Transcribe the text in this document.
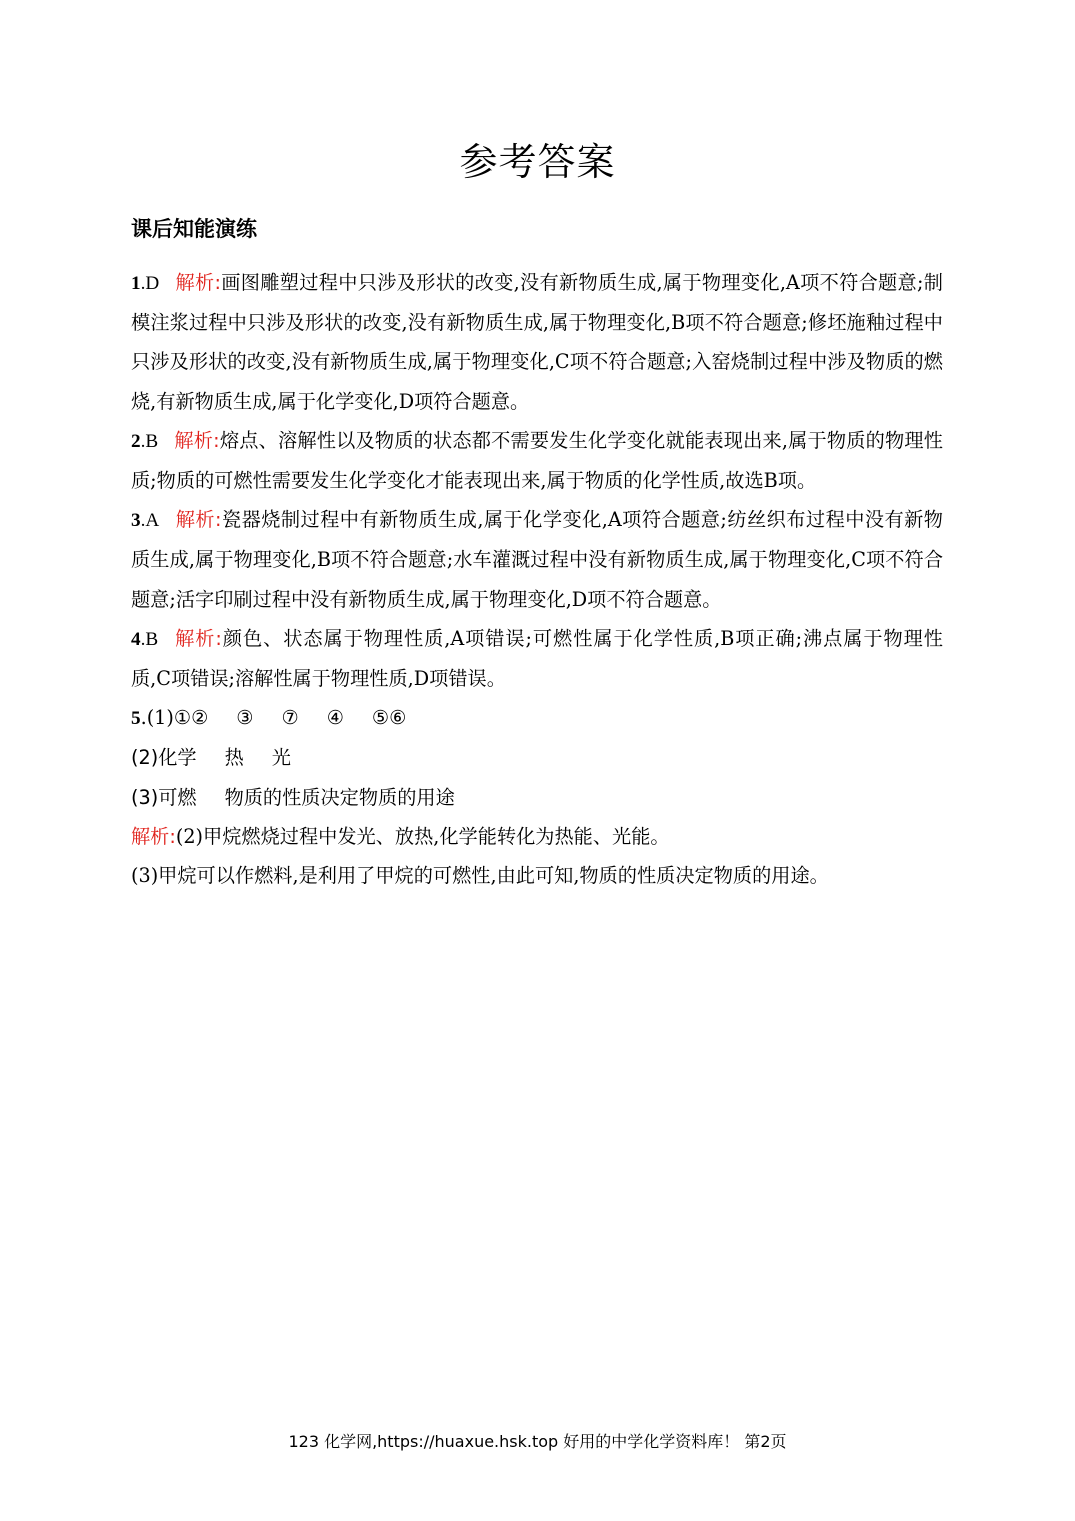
参考答案
课后知能演练

1.D 解析:画图雕塑过程中只涉及形状的改变,没有新物质生成,属于物理变化,A项不符合题意;制模注浆过程中只涉及形状的改变,没有新物质生成,属于物理变化,B项不符合题意;修坯施釉过程中只涉及形状的改变,没有新物质生成,属于物理变化,C项不符合题意;入窑烧制过程中涉及物质的燃烧,有新物质生成,属于化学变化,D项符合题意。

2.B 解析:熔点、溶解性以及物质的状态都不需要发生化学变化就能表现出来,属于物质的物理性质;物质的可燃性需要发生化学变化才能表现出来,属于物质的化学性质,故选B项。

3.A 解析:瓷器烧制过程中有新物质生成,属于化学变化,A项符合题意;纺丝织布过程中没有新物质生成,属于物理变化,B项不符合题意;水车灌溉过程中没有新物质生成,属于物理变化,C项不符合题意;活字印刷过程中没有新物质生成,属于物理变化,D项不符合题意。

4.B 解析:颜色、状态属于物理性质,A项错误;可燃性属于化学性质,B项正确;沸点属于物理性质,C项错误;溶解性属于物理性质,D项错误。

5.(1)①② ③ ⑦ ④ ⑤⑥

(2)化学 热 光

(3)可燃 物质的性质决定物质的用途

解析:(2)甲烷燃烧过程中发光、放热,化学能转化为热能、光能。

(3)甲烷可以作燃料,是利用了甲烷的可燃性,由此可知,物质的性质决定物质的用途。

123 化学网,https://huaxue.hsk.top 好用的中学化学资料库！ 第2页
